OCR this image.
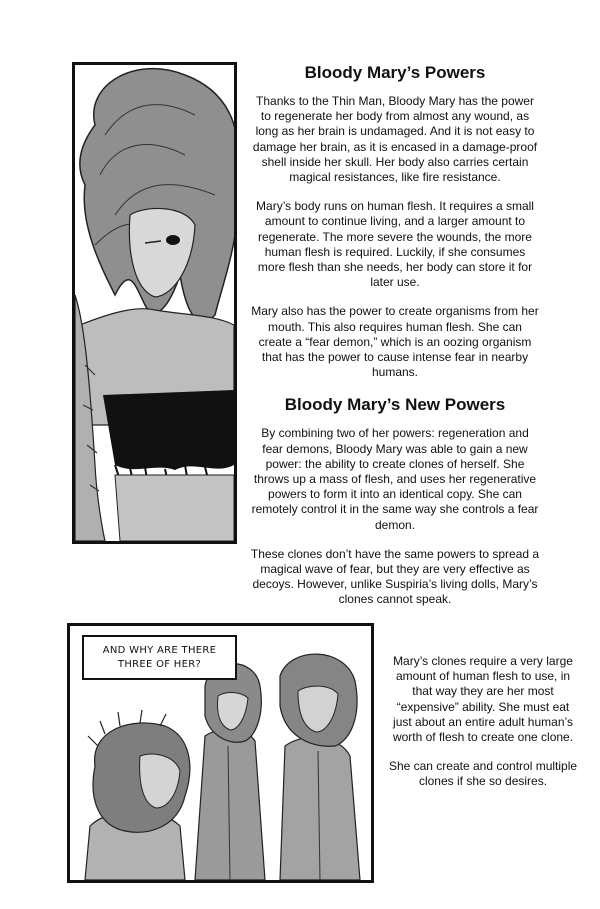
Bloody Mary’s Powers

Thanks to the Thin Man, Bloody Mary has the power to regenerate her body from almost any wound, as long as her brain is undamaged. And it is not easy to damage her brain, as it is encased in a damage-proof shell inside her skull. Her body also carries certain magical resistances, like fire resistance.

Mary’s body runs on human flesh. It requires a small amount to continue living, and a larger amount to regenerate. The more severe the wounds, the more human flesh is required. Luckily, if she consumes more flesh than she needs, her body can store it for later use.

Mary also has the power to create organisms from her mouth. This also requires human flesh. She can create a “fear demon,” which is an oozing organism that has the power to cause intense fear in nearby humans.

Bloody Mary’s New Powers

By combining two of her powers: regeneration and fear demons, Bloody Mary was able to gain a new power: the ability to create clones of herself. She throws up a mass of flesh, and uses her regenerative powers to form it into an identical copy. She can remotely control it in the same way she controls a fear demon.

These clones don’t have the same powers to spread a magical wave of fear, but they are very effective as decoys. However, unlike Suspiria’s living dolls, Mary’s clones cannot speak.

AND WHY ARE THERE THREE OF HER?	Mary’s clones require a very large amount of human flesh to use, in that way they are her most “expensive” ability. She must eat just about an entire adult human’s worth of flesh to create one clone.

She can create and control multiple clones if she so desires.
